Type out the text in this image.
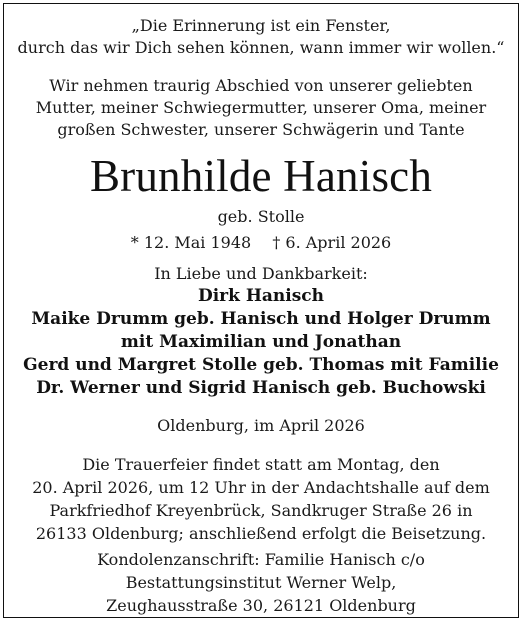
„Die Erinnerung ist ein Fenster,
durch das wir Dich sehen können, wann immer wir wollen.“
Wir nehmen traurig Abschied von unserer geliebten
Mutter, meiner Schwiegermutter, unserer Oma, meiner
großen Schwester, unserer Schwägerin und Tante
Brunhilde Hanisch
geb. Stolle
* 12. Mai 1948 † 6. April 2026
In Liebe und Dankbarkeit:
Dirk Hanisch
Maike Drumm geb. Hanisch und Holger Drumm
mit Maximilian und Jonathan
Gerd und Margret Stolle geb. Thomas mit Familie
Dr. Werner und Sigrid Hanisch geb. Buchowski
Oldenburg, im April 2026
Die Trauerfeier findet statt am Montag, den
20. April 2026, um 12 Uhr in der Andachtshalle auf dem
Parkfriedhof Kreyenbrück, Sandkruger Straße 26 in
26133 Oldenburg; anschließend erfolgt die Beisetzung.
Kondolenzanschrift: Familie Hanisch c/o
Bestattungsinstitut Werner Welp,
Zeughausstraße 30, 26121 Oldenburg
